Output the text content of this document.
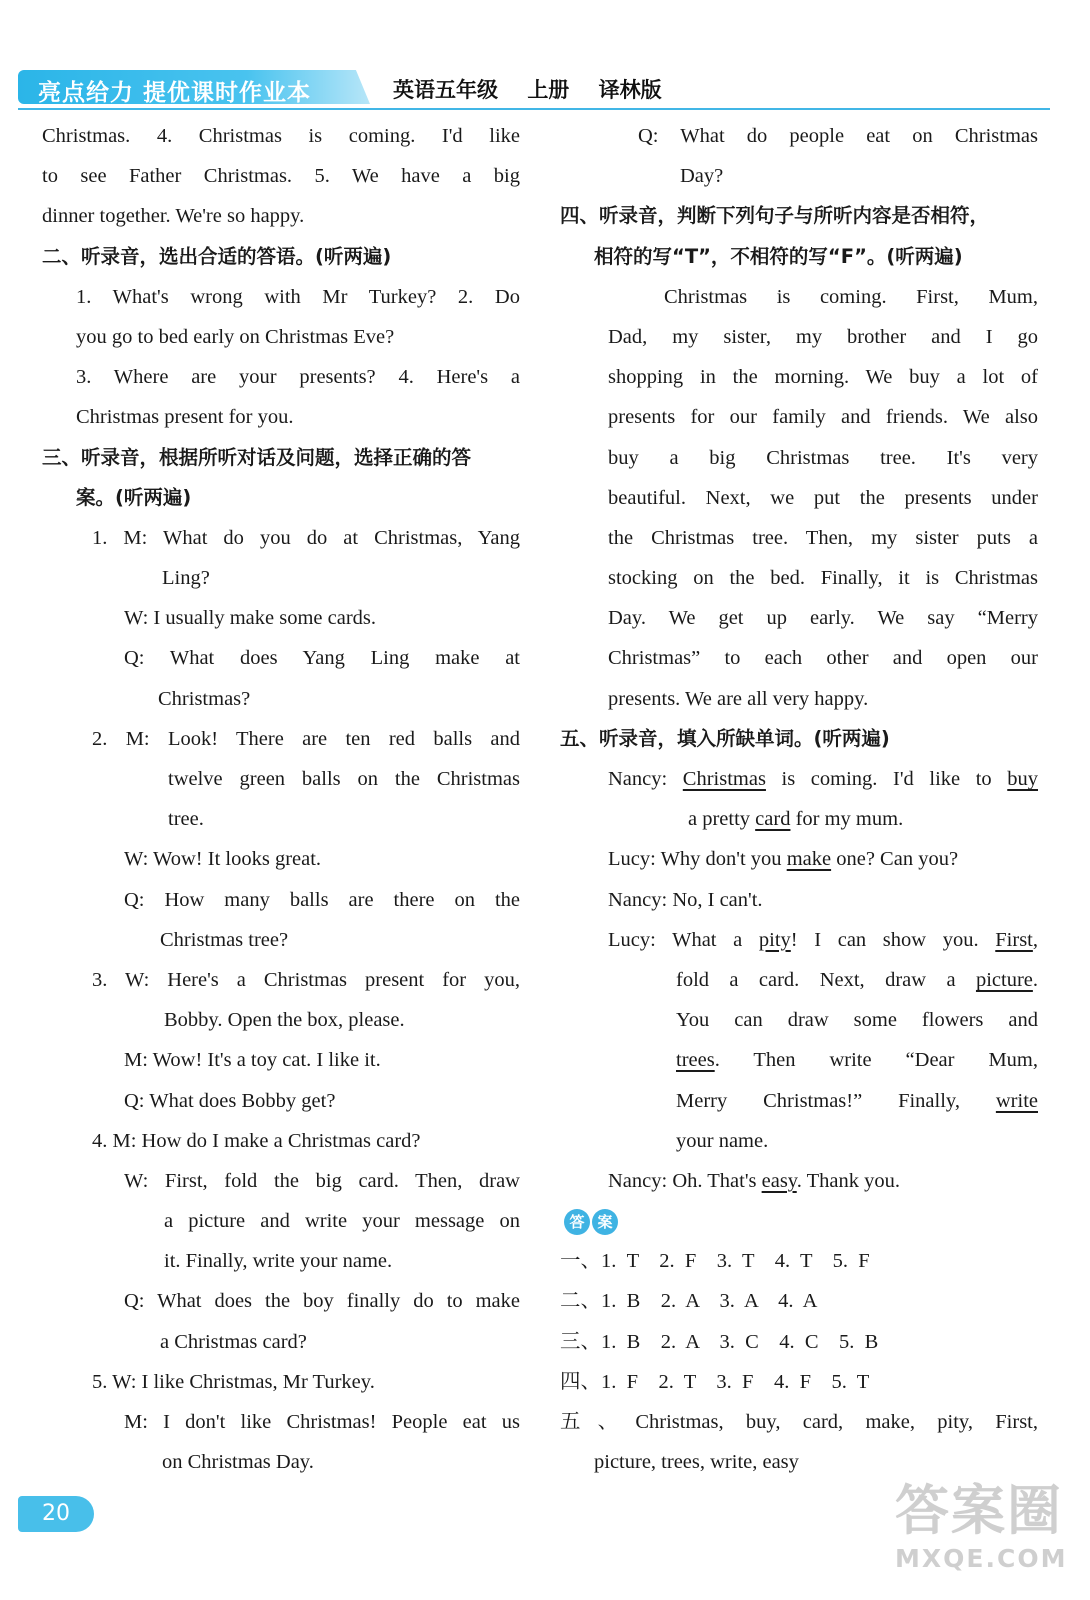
亮点给力 提优课时作业本	英语五年级 上册 译林版
Christmas. 4. Christmas is coming. I'd like
to see Father Christmas. 5. We have a big
dinner together. We're so happy.
二、听录音，选出合适的答语。(听两遍)
1. What's wrong with Mr Turkey? 2. Do
you go to bed early on Christmas Eve?
3. Where are your presents? 4. Here's a
Christmas present for you.
三、听录音，根据所听对话及问题，选择正确的答
案。(听两遍)
1. M: What do you do at Christmas, Yang
Ling?
W: I usually make some cards.
Q: What does Yang Ling make at
Christmas?
2. M: Look! There are ten red balls and
twelve green balls on the Christmas
tree.
W: Wow! It looks great.
Q: How many balls are there on the
Christmas tree?
3. W: Here's a Christmas present for you,
Bobby. Open the box, please.
M: Wow! It's a toy cat. I like it.
Q: What does Bobby get?
4. M: How do I make a Christmas card?
W: First, fold the big card. Then, draw
a picture and write your message on
it. Finally, write your name.
Q: What does the boy finally do to make
a Christmas card?
5. W: I like Christmas, Mr Turkey.
M: I don't like Christmas! People eat us
on Christmas Day.
Q: What do people eat on Christmas
Day?
四、听录音，判断下列句子与所听内容是否相符，
相符的写“T”，不相符的写“F”。(听两遍)
Christmas is coming. First, Mum,
Dad, my sister, my brother and I go
shopping in the morning. We buy a lot of
presents for our family and friends. We also
buy a big Christmas tree. It's very
beautiful. Next, we put the presents under
the Christmas tree. Then, my sister puts a
stocking on the bed. Finally, it is Christmas
Day. We get up early. We say “Merry
Christmas” to each other and open our
presents. We are all very happy.
五、听录音，填入所缺单词。(听两遍)
Nancy: Christmas is coming. I'd like to buy
a pretty card for my mum.
Lucy: Why don't you make one? Can you?
Nancy: No, I can't.
Lucy: What a pity! I can show you. First,
fold a card. Next, draw a picture.
You can draw some flowers and
trees. Then write “Dear Mum,
Merry Christmas!” Finally, write
your name.
Nancy: Oh. That's easy. Thank you.
答 案
一、1.  T    2.  F    3.  T    4.  T    5.  F
二、1.  B    2.  A    3.  A    4.  A
三、1.  B    2.  A    3.  C    4.  C    5.  B
四、1.  F    2.  T    3.  F    4.  F    5.  T
五、Christmas, buy, card, make, pity, First,
picture, trees, write, easy
20	答案圈
MXQE.COM
